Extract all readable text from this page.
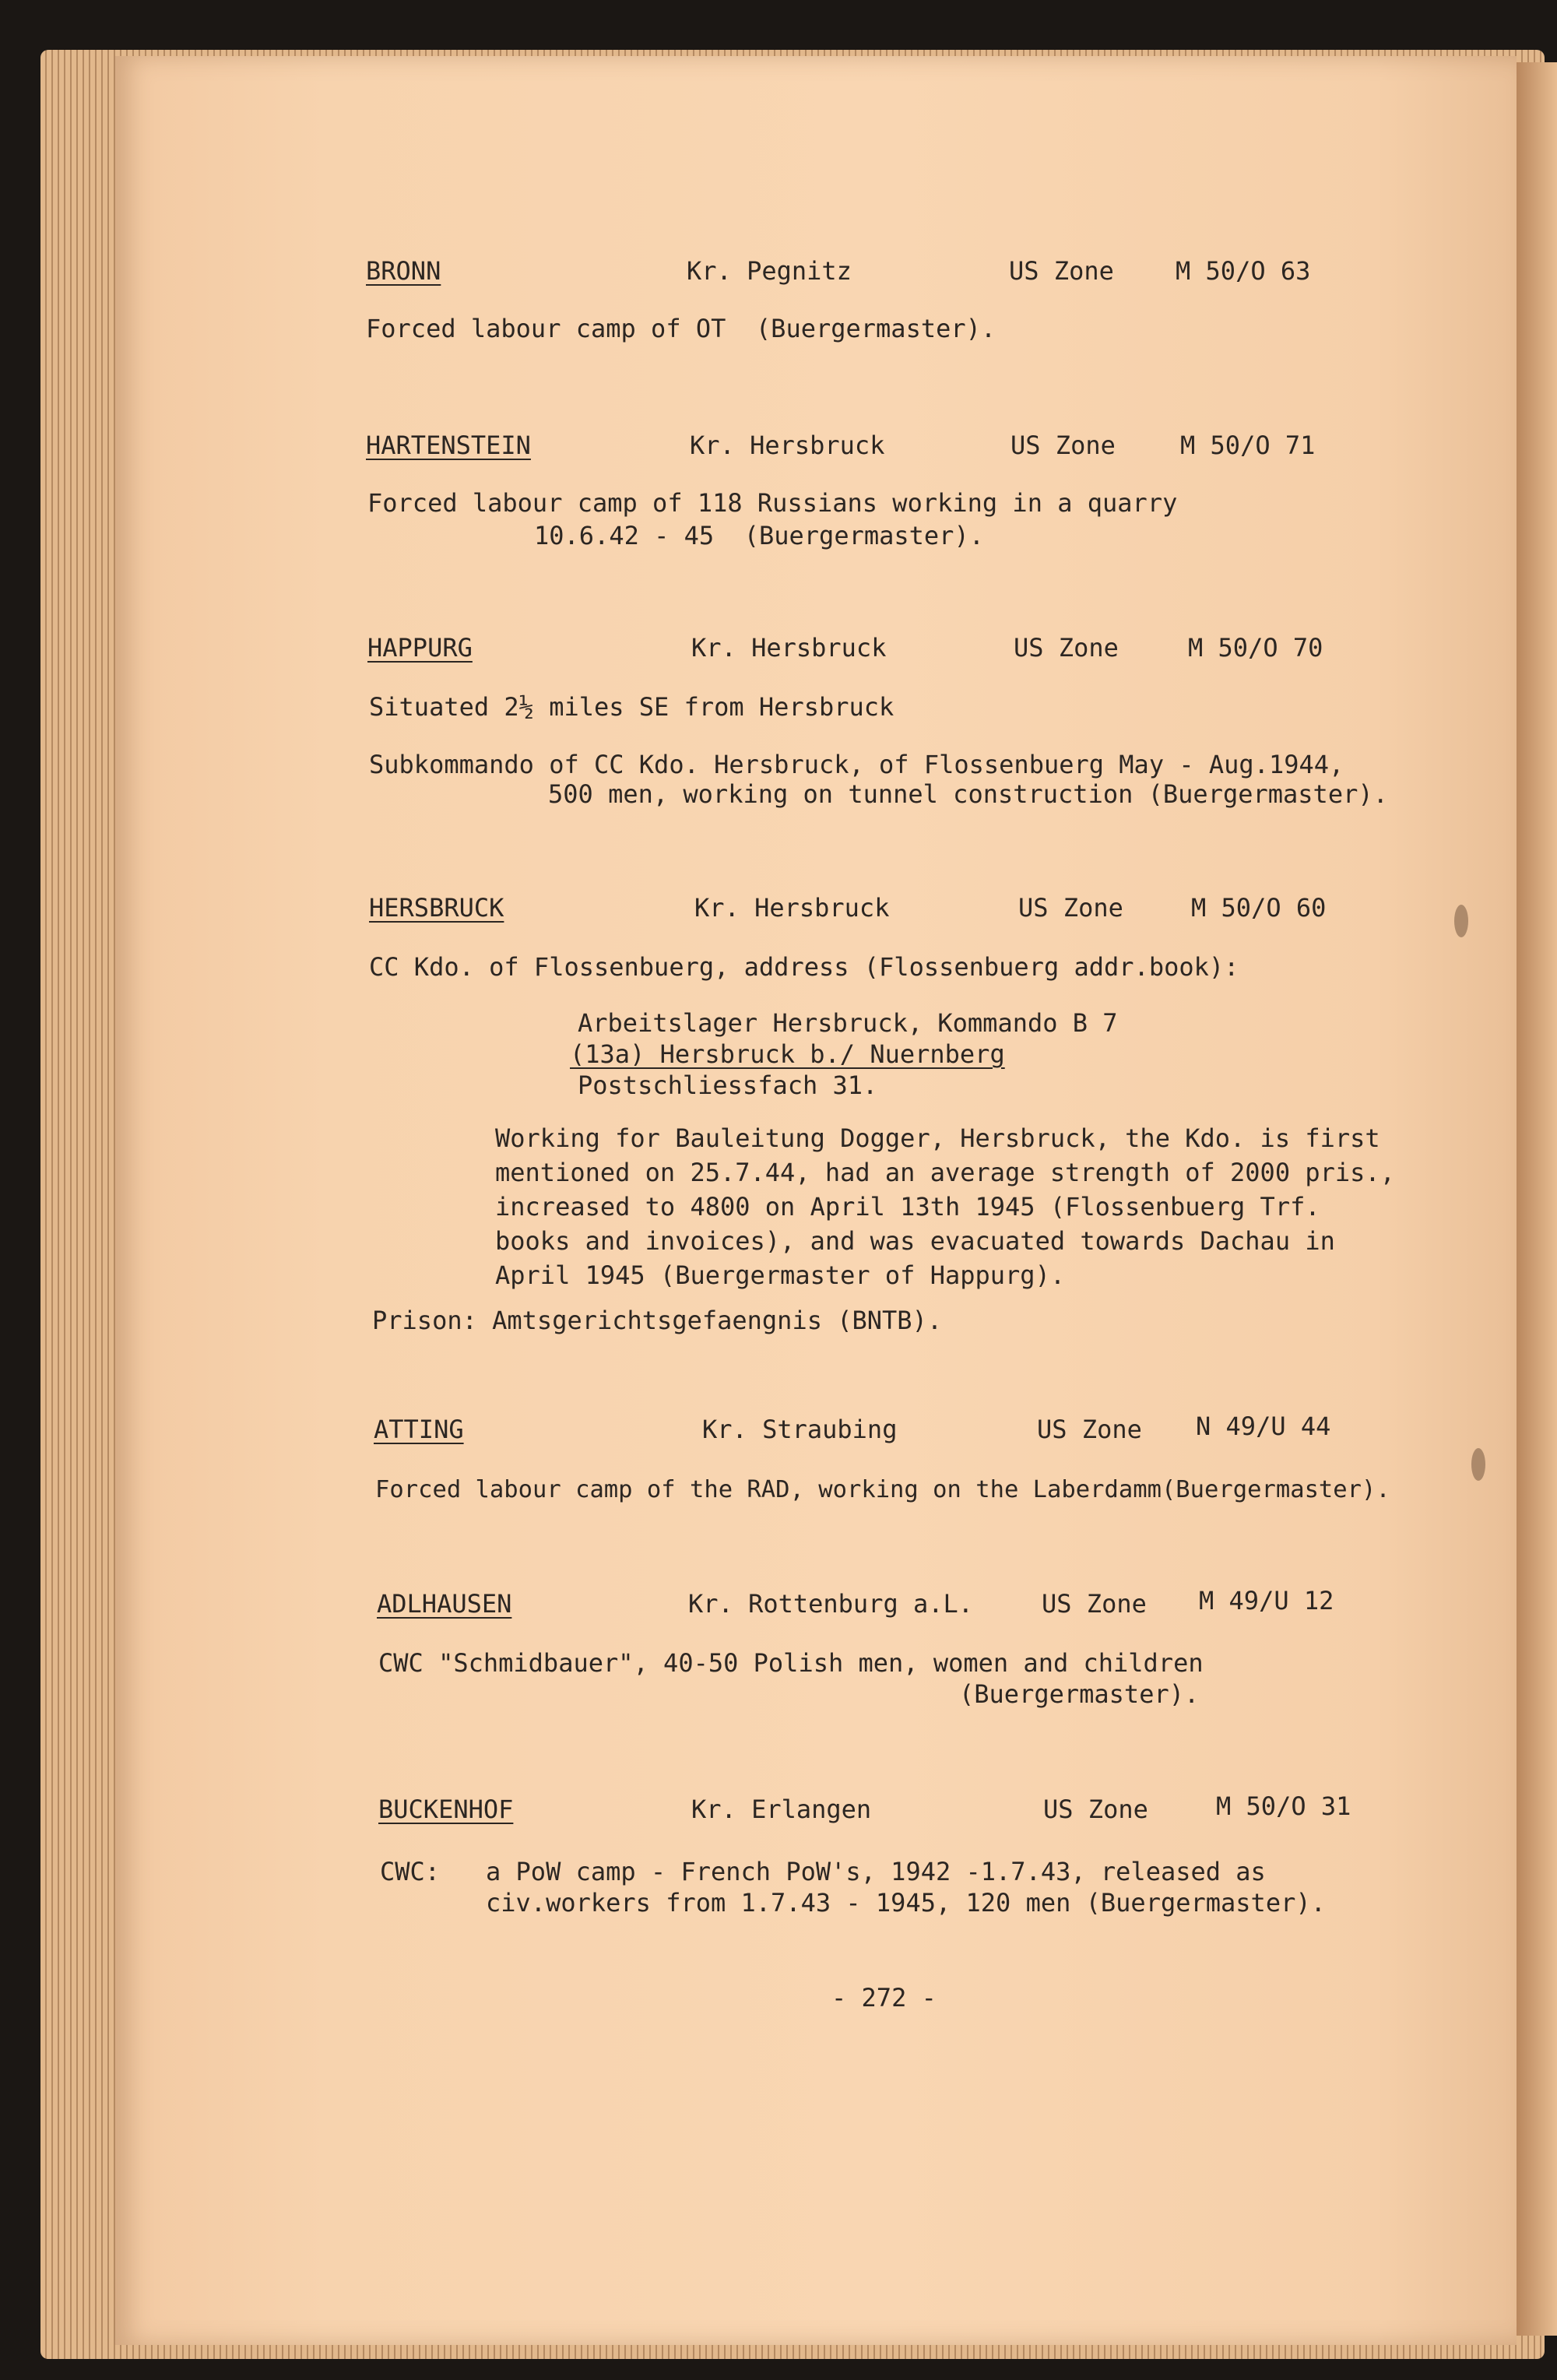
BRONN	Kr. Pegnitz	US Zone M 50/O 63
Forced labour camp of OT  (Buergermaster).
HARTENSTEIN	Kr. Hersbruck	US Zone	M 50/O 71
Forced labour camp of 118 Russians working in a quarry
10.6.42 - 45  (Buergermaster).
HAPPURG	Kr. Hersbruck	US Zone	M 50/O 70
Situated 2½ miles SE from Hersbruck
Subkommando of CC Kdo. Hersbruck, of Flossenbuerg May - Aug.1944,
500 men, working on tunnel construction (Buergermaster).
HERSBRUCK	Kr. Hersbruck	US Zone	M 50/O 60
CC Kdo. of Flossenbuerg, address (Flossenbuerg addr.book):
Arbeitslager Hersbruck, Kommando B 7
(13a) Hersbruck b./ Nuernberg
Postschliessfach 31.
Working for Bauleitung Dogger, Hersbruck, the Kdo. is first
mentioned on 25.7.44, had an average strength of 2000 pris.,
increased to 4800 on April 13th 1945 (Flossenbuerg Trf.
books and invoices), and was evacuated towards Dachau in
April 1945 (Buergermaster of Happurg).
Prison: Amtsgerichtsgefaengnis (BNTB).
ATTING	Kr. Straubing	US Zone N 49/U 44
Forced labour camp of the RAD, working on the Laberdamm(Buergermaster).
ADLHAUSEN	Kr. Rottenburg a.L.	US Zone M 49/U 12
CWC "Schmidbauer", 40-50 Polish men, women and children
(Buergermaster).
BUCKENHOF	Kr. Erlangen	US Zone	M 50/O 31
CWC: a PoW camp - French PoW's, 1942 -1.7.43, released as
civ.workers from 1.7.43 - 1945, 120 men (Buergermaster).
- 272 -
